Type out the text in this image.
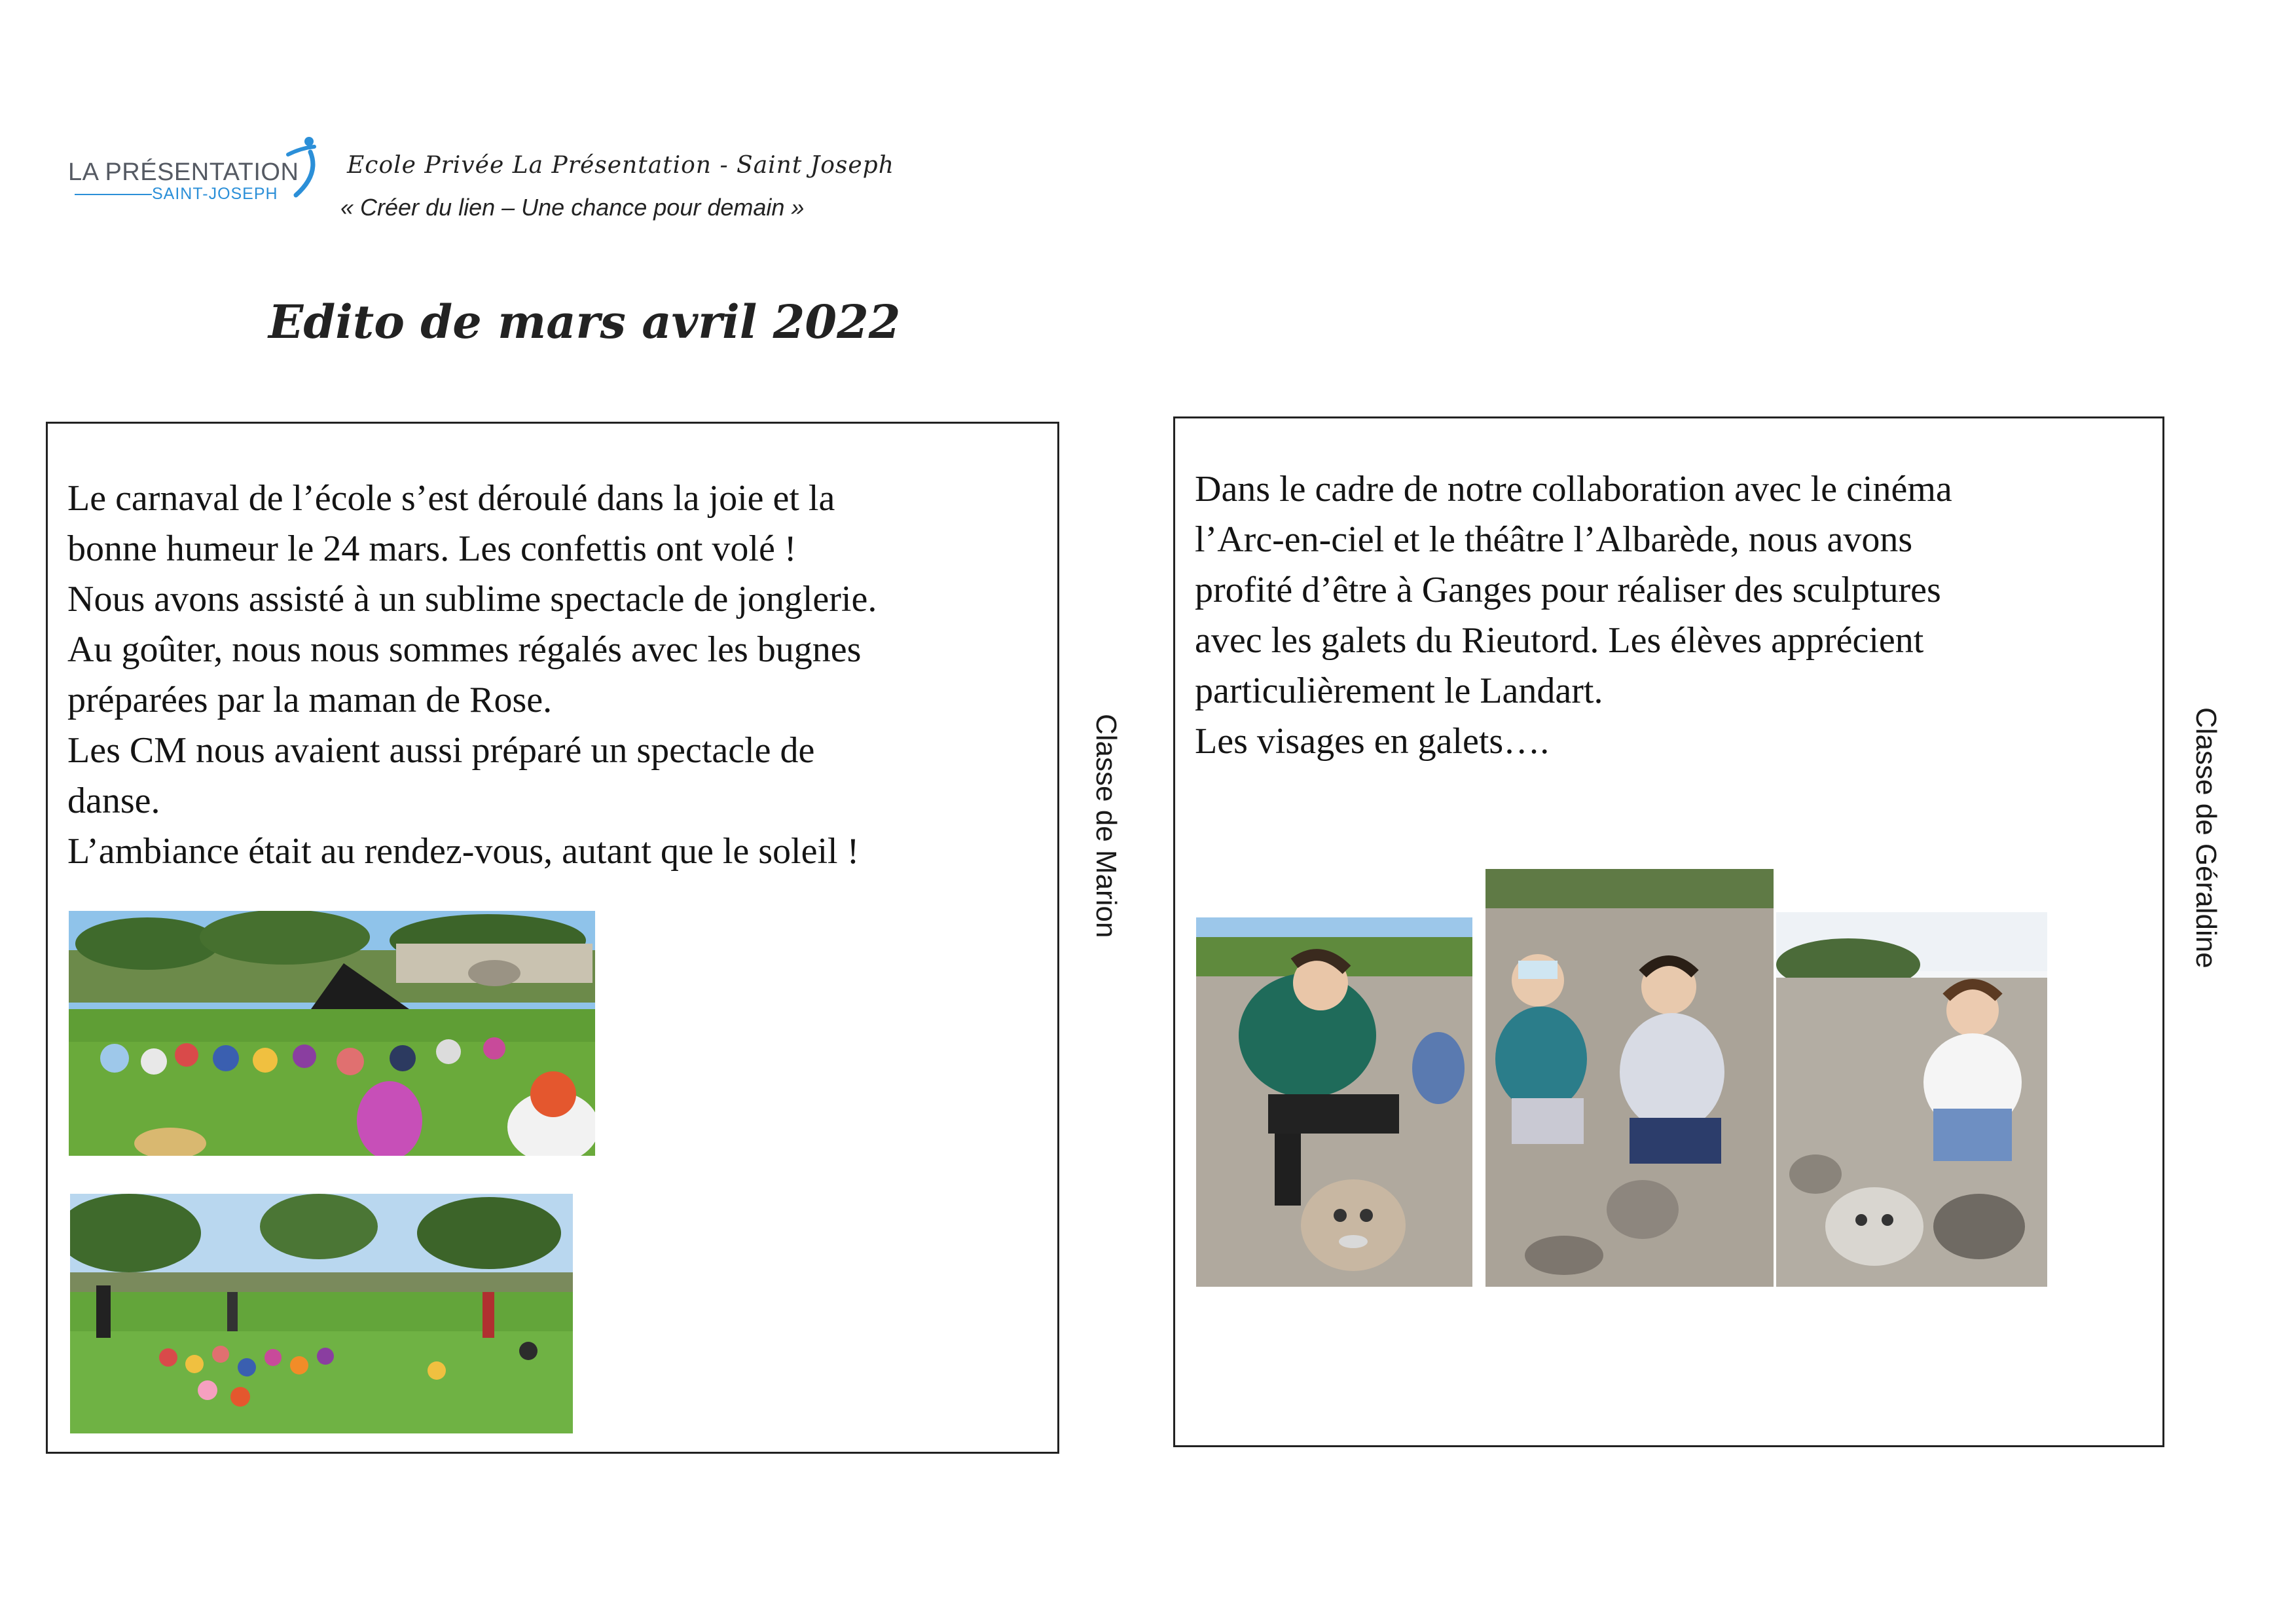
LA PRÉSENTATION
SAINT-JOSEPH
Ecole Privée La Présentation - Saint Joseph
« Créer du lien – Une chance pour demain »
Edito de mars avril 2022
Le carnaval de l’école s’est déroulé dans la joie et la
bonne humeur le 24 mars. Les confettis ont volé !
Nous avons assisté à un sublime spectacle de jonglerie.
Au goûter, nous nous sommes régalés avec les bugnes
préparées par la maman de Rose.
Les CM nous avaient aussi préparé un spectacle de
danse.
L’ambiance était au rendez-vous, autant que le soleil !	Classe de Marion
Dans le cadre de notre collaboration avec le cinéma
l’Arc-en-ciel et le théâtre l’Albarède, nous avons
profité d’être à Ganges pour réaliser des sculptures
avec les galets du Rieutord. Les élèves apprécient
particulièrement le Landart.
Les visages en galets….	Classe de Géraldine
